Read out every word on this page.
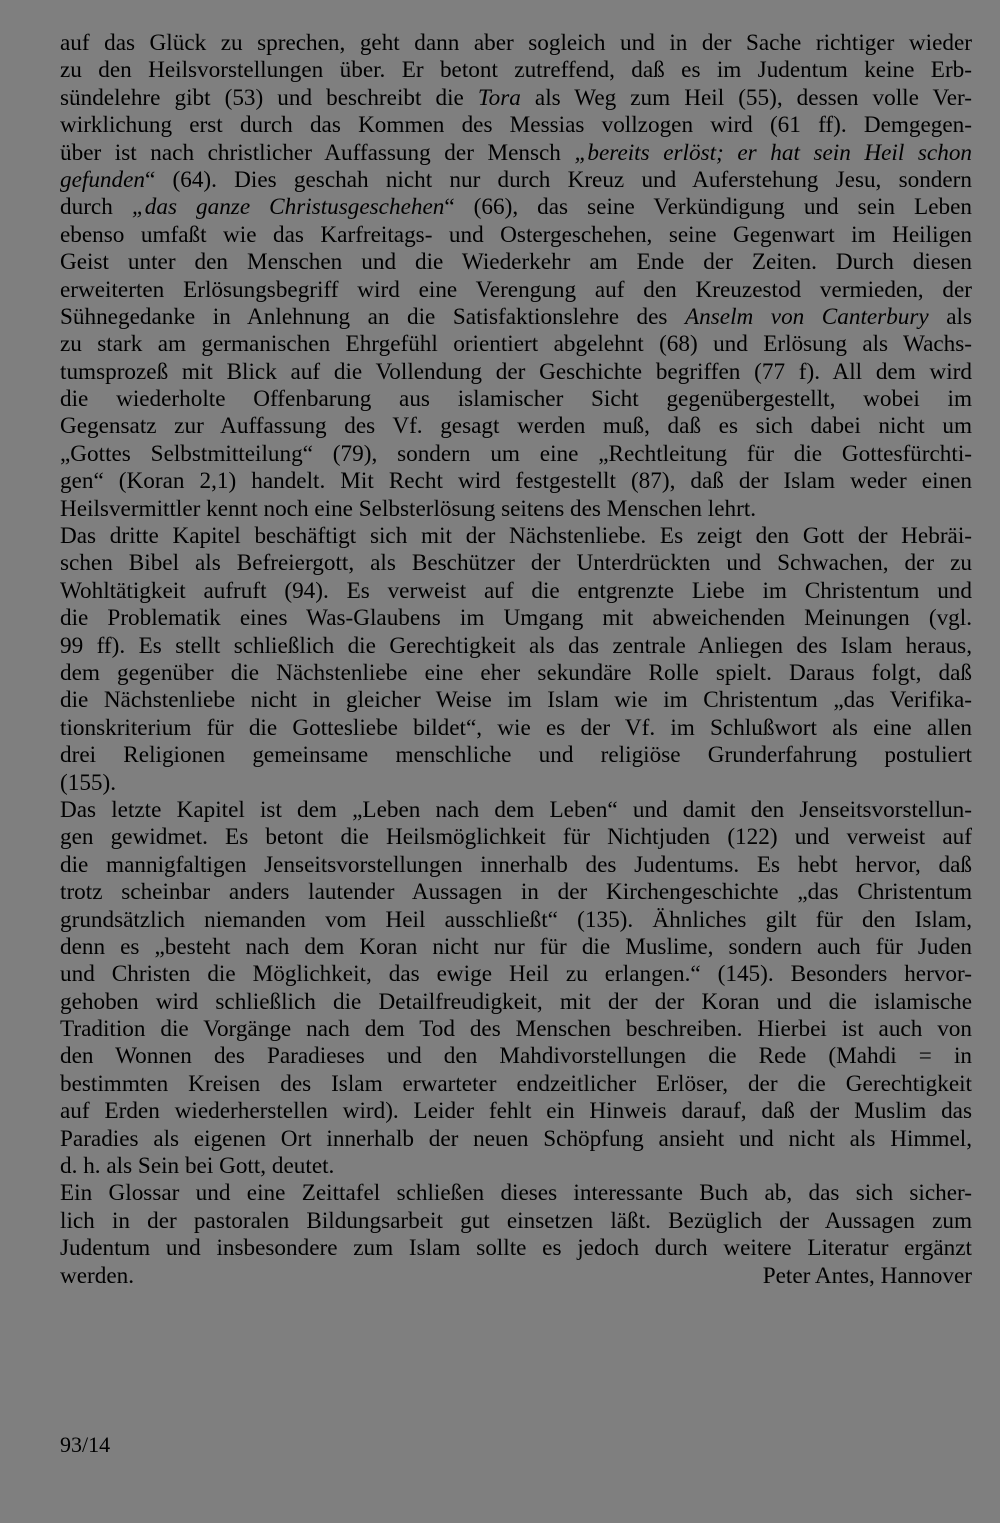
auf das Glück zu sprechen, geht dann aber sogleich und in der Sache richtiger wieder
zu den Heilsvorstellungen über. Er betont zutreffend, daß es im Judentum keine Erb-
sündelehre gibt (53) und beschreibt die Tora als Weg zum Heil (55), dessen volle Ver-
wirklichung erst durch das Kommen des Messias vollzogen wird (61 ff). Demgegen-
über ist nach christlicher Auffassung der Mensch „bereits erlöst; er hat sein Heil schon
gefunden“ (64). Dies geschah nicht nur durch Kreuz und Auferstehung Jesu, sondern
durch „das ganze Christusgeschehen“ (66), das seine Verkündigung und sein Leben
ebenso umfaßt wie das Karfreitags- und Ostergeschehen, seine Gegenwart im Heiligen
Geist unter den Menschen und die Wiederkehr am Ende der Zeiten. Durch diesen
erweiterten Erlösungsbegriff wird eine Verengung auf den Kreuzestod vermieden, der
Sühnegedanke in Anlehnung an die Satisfaktionslehre des Anselm von Canterbury als
zu stark am germanischen Ehrgefühl orientiert abgelehnt (68) und Erlösung als Wachs-
tumsprozeß mit Blick auf die Vollendung der Geschichte begriffen (77 f). All dem wird
die wiederholte Offenbarung aus islamischer Sicht gegenübergestellt, wobei im
Gegensatz zur Auffassung des Vf. gesagt werden muß, daß es sich dabei nicht um
„Gottes Selbstmitteilung“ (79), sondern um eine „Rechtleitung für die Gottesfürchti-
gen“ (Koran 2,1) handelt. Mit Recht wird festgestellt (87), daß der Islam weder einen
Heilsvermittler kennt noch eine Selbsterlösung seitens des Menschen lehrt.
Das dritte Kapitel beschäftigt sich mit der Nächstenliebe. Es zeigt den Gott der Hebräi-
schen Bibel als Befreiergott, als Beschützer der Unterdrückten und Schwachen, der zu
Wohltätigkeit aufruft (94). Es verweist auf die entgrenzte Liebe im Christentum und
die Problematik eines Was-Glaubens im Umgang mit abweichenden Meinungen (vgl.
99 ff). Es stellt schließlich die Gerechtigkeit als das zentrale Anliegen des Islam heraus,
dem gegenüber die Nächstenliebe eine eher sekundäre Rolle spielt. Daraus folgt, daß
die Nächstenliebe nicht in gleicher Weise im Islam wie im Christentum „das Verifika-
tionskriterium für die Gottesliebe bildet“, wie es der Vf. im Schlußwort als eine allen
drei Religionen gemeinsame menschliche und religiöse Grunderfahrung postuliert
(155).
Das letzte Kapitel ist dem „Leben nach dem Leben“ und damit den Jenseitsvorstellun-
gen gewidmet. Es betont die Heilsmöglichkeit für Nichtjuden (122) und verweist auf
die mannigfaltigen Jenseitsvorstellungen innerhalb des Judentums. Es hebt hervor, daß
trotz scheinbar anders lautender Aussagen in der Kirchengeschichte „das Christentum
grundsätzlich niemanden vom Heil ausschließt“ (135). Ähnliches gilt für den Islam,
denn es „besteht nach dem Koran nicht nur für die Muslime, sondern auch für Juden
und Christen die Möglichkeit, das ewige Heil zu erlangen.“ (145). Besonders hervor-
gehoben wird schließlich die Detailfreudigkeit, mit der der Koran und die islamische
Tradition die Vorgänge nach dem Tod des Menschen beschreiben. Hierbei ist auch von
den Wonnen des Paradieses und den Mahdivorstellungen die Rede (Mahdi = in
bestimmten Kreisen des Islam erwarteter endzeitlicher Erlöser, der die Gerechtigkeit
auf Erden wiederherstellen wird). Leider fehlt ein Hinweis darauf, daß der Muslim das
Paradies als eigenen Ort innerhalb der neuen Schöpfung ansieht und nicht als Himmel,
d. h. als Sein bei Gott, deutet.
Ein Glossar und eine Zeittafel schließen dieses interessante Buch ab, das sich sicher-
lich in der pastoralen Bildungsarbeit gut einsetzen läßt. Bezüglich der Aussagen zum
Judentum und insbesondere zum Islam sollte es jedoch durch weitere Literatur ergänzt
werden.	Peter Antes, Hannover
93/14
